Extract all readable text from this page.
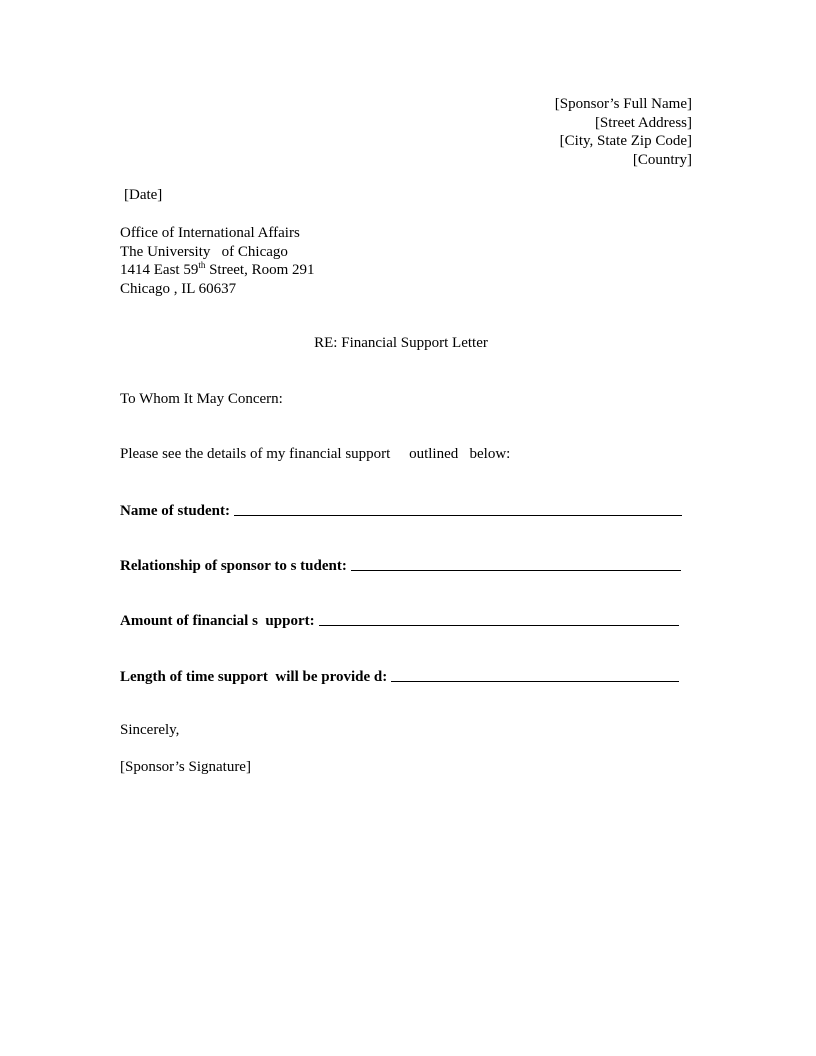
[Sponsor’s Full Name]
[Street Address]
[City, State Zip Code]
[Country]
[Date]
Office of International Affairs
The University   of Chicago
1414 East 59th Street, Room 291
Chicago , IL 60637
RE: Financial Support Letter
To Whom It May Concern:
Please see the details of my financial support     outlined   below:
Name of student:
Relationship of sponsor to s tudent:
Amount of financial s  upport:
Length of time support  will be provide d:
Sincerely,
[Sponsor’s Signature]
